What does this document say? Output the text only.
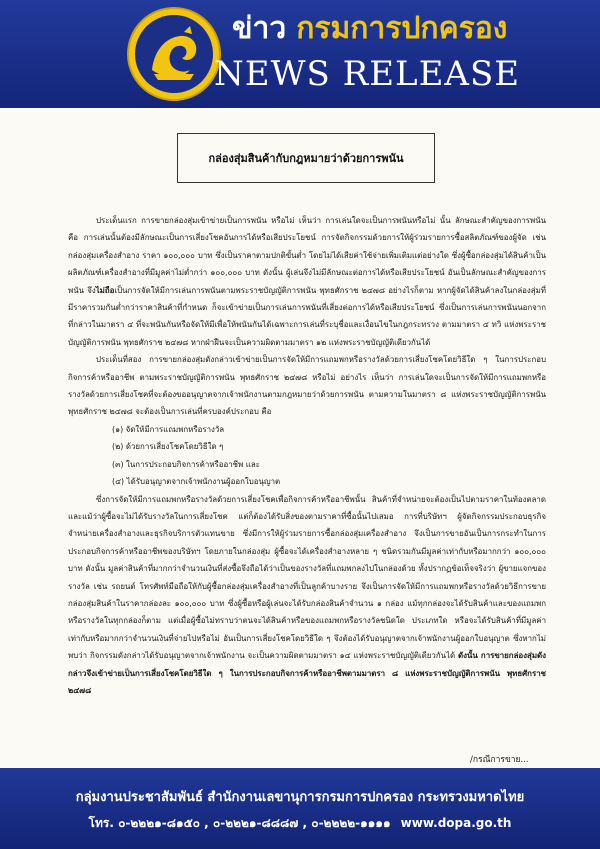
ข่าว กรมการปกครอง
NEWS RELEASE
กล่องสุ่มสินค้ากับกฎหมายว่าด้วยการพนัน

ประเด็นแรก การขายกล่องสุ่มเข้าข่ายเป็นการพนัน หรือไม่ เห็นว่า การเล่นใดจะเป็นการพนันหรือไม่ นั้น ลักษณะสำคัญของการพนัน คือ การเล่นนั้นต้องมีลักษณะเป็นการเสี่ยงโชคอันการได้หรือเสียประโยชน์ การจัดกิจกรรมด้วยการให้ผู้ร่วมรายการซื้อสลิตภัณฑ์ของผู้จัด เช่น กล่องสุ่มเครื่องสำอาง ราคา ๑๐๐,๐๐๐ บาท ซึ่งเป็นราคาตามปกติขั้นต่ำ โดยไม่ได้เสียค่าใช้จ่ายเพิ่มเติมแต่อย่างใด ซึ่งผู้ซื้อกล่องสุ่มได้สินค้าเป็นผลิตภัณฑ์เครื่องสำอางที่มีมูลค่าไม่ต่ำกว่า ๑๐๐,๐๐๐ บาท ดังนั้น ผู้เล่นจึงไม่มีลักษณะต่อการได้หรือเสียประโยชน์ อันเป็นลักษณะสำคัญของการพนัน จึงไม่ถือเป็นการจัดให้มีการเล่นการพนันตามพระราชบัญญัติการพนัน พุทธศักราช ๒๔๗๘ อย่างไรก็ตาม หากผู้จัดได้สินค้าลงในกล่องสุ่มที่มีราคารวมกันต่ำกว่าราคาสินค้าที่กำหนด ก็จะเข้าข่ายเป็นการเล่นการพนันที่เสี่ยงต่อการได้หรือเสียประโยชน์ ซึ่งเป็นการเล่นการพนันนอกจากที่กล่าวในมาตรา ๔ ที่จะพนันกันหรือจัดให้มีเพื่อให้พนันกันได้เฉพาะการเล่นที่ระบุชื่อและเงื่อนไขในกฎกระทรวง ตามมาตรา ๔ ทวิ แห่งพระราชบัญญัติการพนัน พุทธศักราช ๒๔๗๘ หากฝ่าฝืนจะเป็นความผิดตามมาตรา ๑๒ แห่งพระราชบัญญัติเดียวกันได้

ประเด็นที่สอง การขายกล่องสุ่มดังกล่าวเข้าข่ายเป็นการจัดให้มีการแถมพกหรือรางวัลด้วยการเสี่ยงโชคโดยวิธีใด ๆ ในการประกอบกิจการค้าหรืออาชีพ ตามพระราชบัญญัติการพนัน พุทธศักราช ๒๔๗๘ หรือไม่ อย่างไร เห็นว่า การเล่นใดจะเป็นการจัดให้มีการแถมพกหรือรางวัลด้วยการเสี่ยงโชคที่จะต้องขออนุญาตจากเจ้าพนักงานตามกฎหมายว่าด้วยการพนัน ตามความในมาตรา ๘ แห่งพระราชบัญญัติการพนัน พุทธศักราช ๒๔๗๘ จะต้องเป็นการเล่นที่ครบองค์ประกอบ คือ

(๑) จัดให้มีการแถมพกหรือรางวัล
(๒) ด้วยการเสี่ยงโชคโดยวิธีใด ๆ
(๓) ในการประกอบกิจการค้าหรืออาชีพ และ
(๔) ได้รับอนุญาตจากเจ้าพนักงานผู้ออกใบอนุญาต

ซึ่งการจัดให้มีการแถมพกหรือรางวัลด้วยการเสี่ยงโชคเพื่อกิจการค้าหรืออาชีพนั้น สินค้าที่จำหน่ายจะต้องเป็นไปตามราคาในท้องตลาด และแม้ว่าผู้ซื้อจะไม่ได้รับรางวัลในการเสี่ยงโชค แต่ก็ต้องได้รับสิ่งของตามราคาที่ซื้อนั้นไปเสมอ การที่บริษัทฯ ผู้จัดกิจกรรมประกอบธุรกิจจำหน่ายเครื่องสำอางและธุรกิจบริการตัวแทนขาย ซึ่งมีการให้ผู้ร่วมรายการซื้อกล่องสุ่มเครื่องสำอาง จึงเป็นการขายอันเป็นการกระทำในการประกอบกิจการค้าหรืออาชีพของบริษัทฯ โดยภายในกล่องสุ่ม ผู้ซื้อจะได้เครื่องสำอางหลาย ๆ ชนิดรวมกันมีมูลค่าเท่ากับหรือมากกว่า ๑๐๐,๐๐๐ บาท ดังนั้น มูลค่าสินค้าที่มากกว่าจำนวนเงินที่ส่งซื้อจึงถือได้ว่าเป็นของรางวัลที่แถมพกลงไปในกล่องด้วย ทั้งปรากฏข้อเท็จจริงว่า ผู้ขายแจกของรางวัล เช่น รถยนต์ โทรศัพท์มือถือให้กับผู้ซื้อกล่องสุ่มเครื่องสำอางที่เป็นลูกค้าบางราย จึงเป็นการจัดให้มีการแถมพกหรือรางวัลด้วยวิธีการขายกล่องสุ่มสินค้าในราคากล่องละ ๑๐๐,๐๐๐ บาท ซึ่งผู้ซื้อหรือผู้เล่นจะได้รับกล่องสินค้าจำนวน ๑ กล่อง แม้ทุกกล่องจะได้รับสินค้าและของแถมพกหรือรางวัลในทุกกล่องก็ตาม แต่เมื่อผู้ซื้อไม่ทราบว่าตนจะได้สินค้าหรือของแถมพกหรือรางวัลชนิดใด ประเภทใด หรือจะได้รับสินค้าที่มีมูลค่าเท่ากับหรือมากกว่าจำนวนเงินที่จ่ายไปหรือไม่ อันเป็นการเสี่ยงโชคโดยวิธีใด ๆ จึงต้องได้รับอนุญาตจากเจ้าพนักงานผู้ออกใบอนุญาต ซึ่งหากไม่พบว่า กิจกรรมดังกล่าวได้รับอนุญาตจากเจ้าพนักงาน จะเป็นความผิดตามมาตรา ๑๔ แห่งพระราชบัญญัติเดียวกันได้ ดังนั้น การขายกล่องสุ่มดังกล่าวจึงเข้าข่ายเป็นการเสี่ยงโชคโดยวิธีใด ๆ ในการประกอบกิจการค้าหรืออาชีพตามมาตรา ๘ แห่งพระราชบัญญัติการพนัน พุทธศักราช ๒๔๗๘

/กรณีการขาย...
กลุ่มงานประชาสัมพันธ์ สำนักงานเลขานุการกรมการปกครอง กระทรวงมหาดไทย
โทร. ๐-๒๒๒๑-๘๑๕๐ , ๐-๒๒๒๑-๘๘๘๗ , ๐-๒๒๒๒-๑๑๑๑ www.dopa.go.th
